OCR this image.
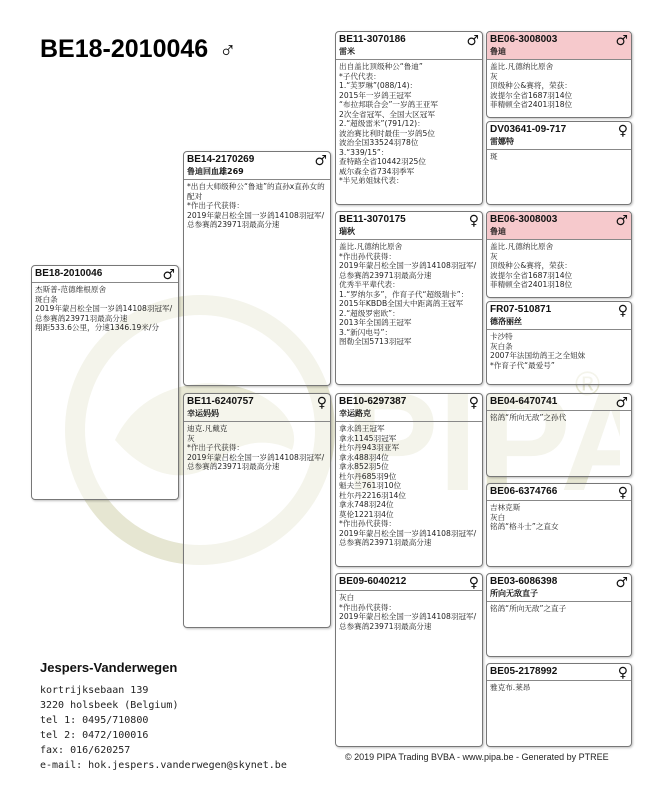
BE18-2010046 ♂
BE18-2010046	♂
杰斯普-范德维根原舍
斑白条
2019年蒙吕松全国一岁鸽14108羽冠军/总参赛鸽23971羽最高分速
翔距533.6公里，分速1346.19米/分
BE14-2170269
鲁迪回血雄269
♂
*出自大师级种公“鲁迪”的直孙x直孙女的配对
*作出子代获得：
2019年蒙吕松全国一岁鸽14108羽冠军/总参赛鸽23971羽最高分速
BE11-6240757
幸运妈妈
♀
迪克.凡戴克
灰
*作出子代获得：
2019年蒙吕松全国一岁鸽14108羽冠军/总参赛鸽23971羽最高分速
BE11-3070186
雷米
♂
出自盖比顶级种公“鲁迪”
*子代代表：
1.“芙罗琳”(088/14)：
2015年一岁鸽王冠军
“布拉邦联合会”一岁鸽王亚军
2次全省冠军、全国大区冠军
2.“超级雷米”(791/12)：
波治赛比利时最佳一岁鸽5位
波治全国33524羽78位
3.“339/15”：
查特路全省10442羽25位
威尔森全省734羽季军
*半兄弟姐妹代表：
BE11-3070175
瑞秋
♀
盖比.凡德纳比原舍
*作出孙代获得：
2019年蒙吕松全国一岁鸽14108羽冠军/总参赛鸽23971羽最高分速
优秀半平辈代表：
1.“罗纳尔多”，作育子代“超级瑞卡”：2015年KBDB全国大中距离鸽王冠军
2.“超级罗密欧”：
2013年全国鸽王冠军
3.“新闪电号”：
图勒全国5713羽冠军
BE10-6297387
幸运路克
♀
拿永鸽王冠军
拿永1145羽冠军
杜尔丹943羽亚军
拿永488羽4位
拿永852羽5位
杜尔丹685羽9位
魁夫兰761羽10位
杜尔丹2216羽14位
拿永748羽24位
莫伦1221羽4位
*作出孙代获得：
2019年蒙吕松全国一岁鸽14108羽冠军/总参赛鸽23971羽最高分速
BE09-6040212	♀
灰白
*作出孙代获得：
2019年蒙吕松全国一岁鸽14108羽冠军/总参赛鸽23971羽最高分速
BE06-3008003
鲁迪
♂
盖比.凡德纳比原舍
灰
顶级种公&赛将，荣获：
波提尔全省1687羽14位
菲精顿全省2401羽18位
DV03641-09-717
雷娜特
♀
斑
BE06-3008003
鲁迪
♂
盖比.凡德纳比原舍
灰
顶级种公&赛将，荣获：
波提尔全省1687羽14位
菲精顿全省2401羽18位
FR07-510871
德洛丽丝
♀
卡沙特
灰白条
2007年法国幼鸽王之全姐妹
*作育子代“最爱号”
BE04-6470741	♂
铭鸽“所向无敌”之孙代
BE06-6374766	♀
吉林克斯
灰白
铭鸽“格斗士”之直女
BE03-6086398
所向无敌直子
♂
铭鸽“所向无敌”之直子
BE05-2178992	♀
雅克布.莱昂
Jespers-Vanderwegen
kortrijksebaan 139
3220 holsbeek (Belgium)
tel 1: 0495/710800
tel 2: 0472/100016
fax: 016/620257
e-mail: hok.jespers.vanderwegen@skynet.be
© 2019 PIPA Trading BVBA - www.pipa.be - Generated by PTREE
